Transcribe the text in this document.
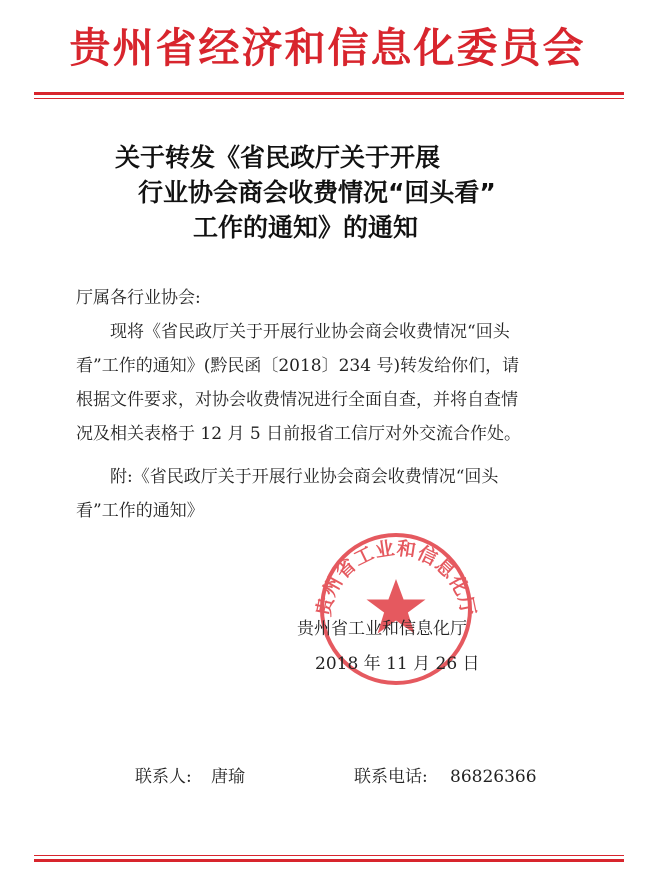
贵州省经济和信息化委员会
关于转发《省民政厅关于开展
行业协会商会收费情况“回头看”
工作的通知》的通知
厅属各行业协会:
现将《省民政厅关于开展行业协会商会收费情况“回头
看”工作的通知》(黔民函〔2018〕234 号)转发给你们，请
根据文件要求，对协会收费情况进行全面自查，并将自查情
况及相关表格于 12 月 5 日前报省工信厅对外交流合作处。
附:《省民政厅关于开展行业协会商会收费情况“回头
看”工作的通知》
贵州省工业和信息化厅
贵州省工业和信息化厅
2018 年 11 月 26 日
联系人: 唐瑜	联系电话: 86826366
